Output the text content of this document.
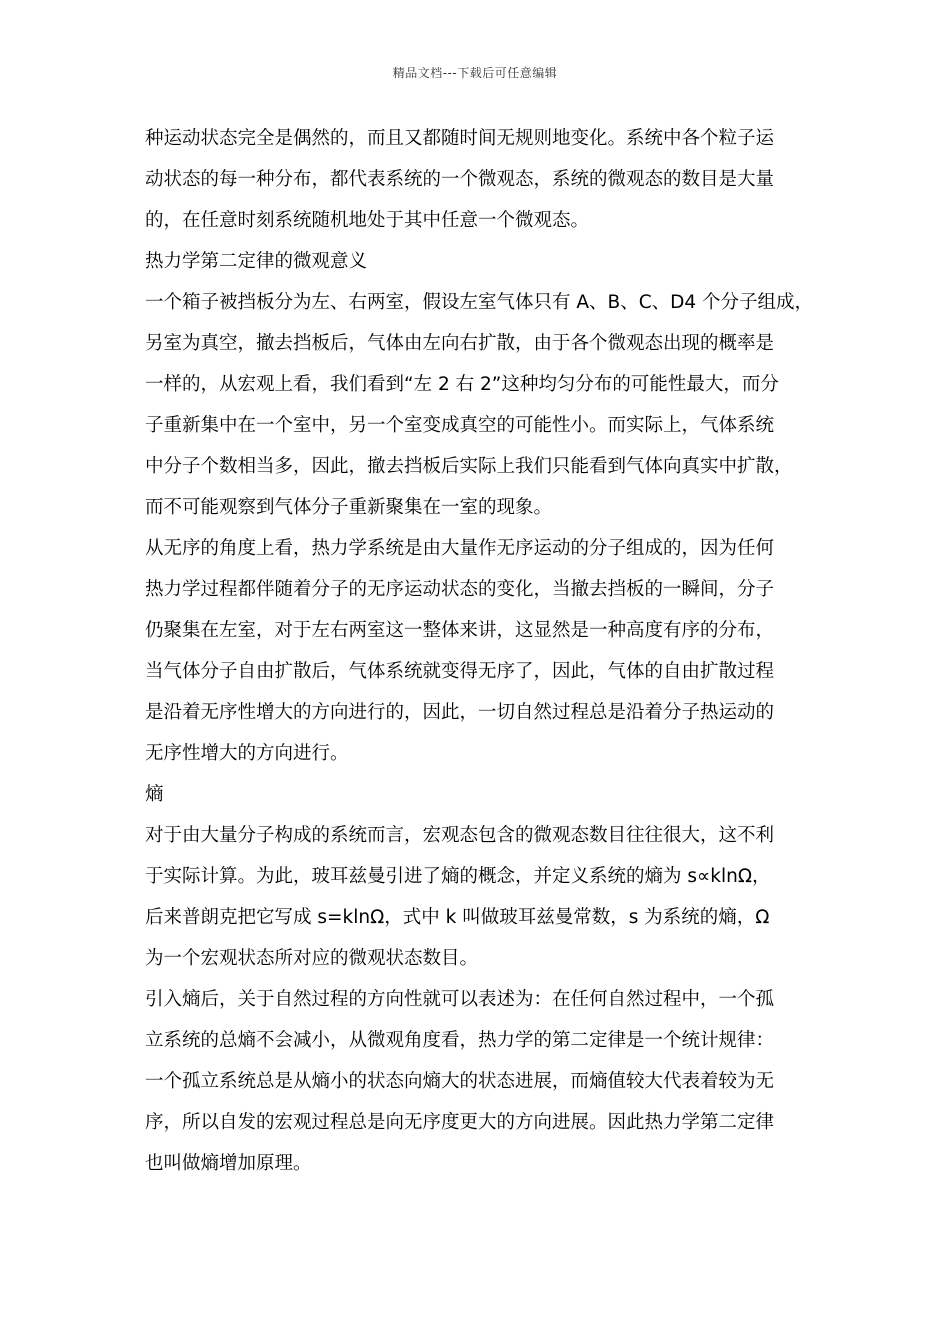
精品文档---下载后可任意编辑
种运动状态完全是偶然的，而且又都随时间无规则地变化。系统中各个粒子运
动状态的每一种分布，都代表系统的一个微观态，系统的微观态的数目是大量
的，在任意时刻系统随机地处于其中任意一个微观态。
热力学第二定律的微观意义
一个箱子被挡板分为左、右两室，假设左室气体只有 A、B、C、D4 个分子组成，
另室为真空，撤去挡板后，气体由左向右扩散，由于各个微观态出现的概率是
一样的，从宏观上看，我们看到“左 2 右 2”这种均匀分布的可能性最大，而分
子重新集中在一个室中，另一个室变成真空的可能性小。而实际上，气体系统
中分子个数相当多，因此，撤去挡板后实际上我们只能看到气体向真实中扩散，
而不可能观察到气体分子重新聚集在一室的现象。
从无序的角度上看，热力学系统是由大量作无序运动的分子组成的，因为任何
热力学过程都伴随着分子的无序运动状态的变化，当撤去挡板的一瞬间，分子
仍聚集在左室，对于左右两室这一整体来讲，这显然是一种高度有序的分布，
当气体分子自由扩散后，气体系统就变得无序了，因此，气体的自由扩散过程
是沿着无序性增大的方向进行的，因此，一切自然过程总是沿着分子热运动的
无序性增大的方向进行。
熵
对于由大量分子构成的系统而言，宏观态包含的微观态数目往往很大，这不利
于实际计算。为此，玻耳兹曼引进了熵的概念，并定义系统的熵为 s∝klnΩ，
后来普朗克把它写成 s=klnΩ，式中 k 叫做玻耳兹曼常数，s 为系统的熵，Ω
为一个宏观状态所对应的微观状态数目。
引入熵后，关于自然过程的方向性就可以表述为：在任何自然过程中，一个孤
立系统的总熵不会减小，从微观角度看，热力学的第二定律是一个统计规律：
一个孤立系统总是从熵小的状态向熵大的状态进展，而熵值较大代表着较为无
序，所以自发的宏观过程总是向无序度更大的方向进展。因此热力学第二定律
也叫做熵增加原理。
